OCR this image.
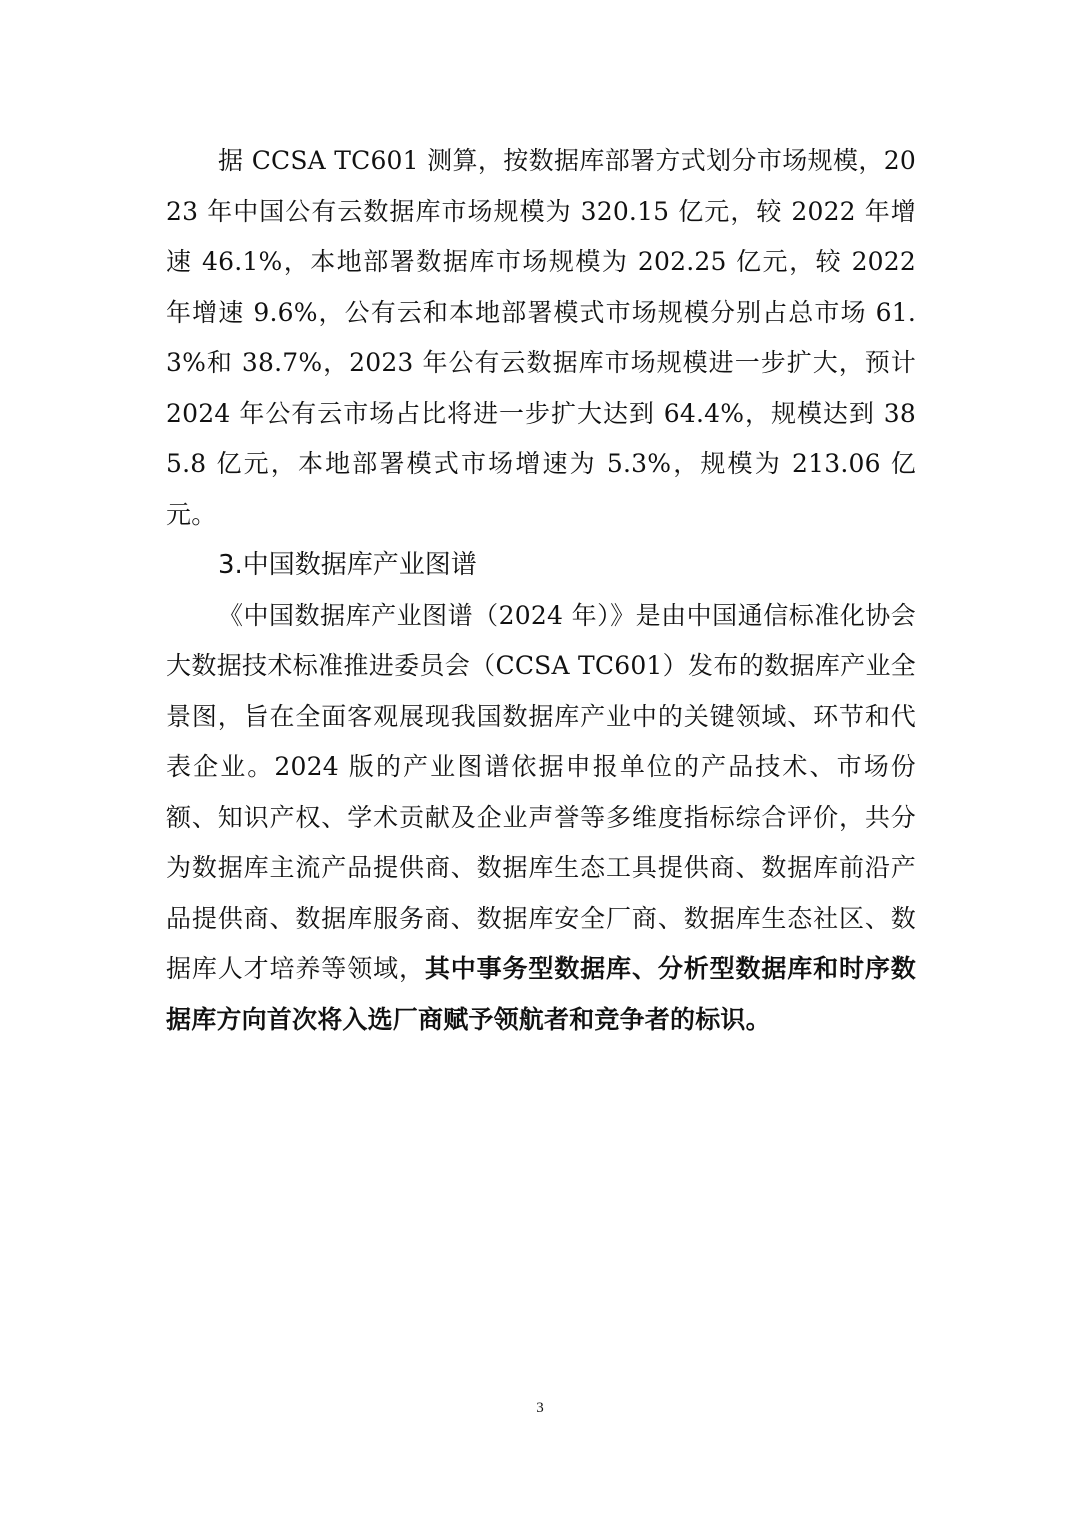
据 CCSA TC601 测算，按数据库部署方式划分市场规模，2023 年中国公有云数据库市场规模为 320.15 亿元，较 2022 年增速 46.1%，本地部署数据库市场规模为 202.25 亿元，较 2022 年增速 9.6%，公有云和本地部署模式市场规模分别占总市场 61.3%和 38.7%，2023 年公有云数据库市场规模进一步扩大，预计 2024 年公有云市场占比将进一步扩大达到 64.4%，规模达到 385.8 亿元，本地部署模式市场增速为 5.3%，规模为 213.06 亿元。

3.中国数据库产业图谱

《中国数据库产业图谱（2024 年）》是由中国通信标准化协会大数据技术标准推进委员会（CCSA TC601）发布的数据库产业全景图，旨在全面客观展现我国数据库产业中的关键领域、环节和代表企业。2024 版的产业图谱依据申报单位的产品技术、市场份额、知识产权、学术贡献及企业声誉等多维度指标综合评价，共分为数据库主流产品提供商、数据库生态工具提供商、数据库前沿产品提供商、数据库服务商、数据库安全厂商、数据库生态社区、数据库人才培养等领域，其中事务型数据库、分析型数据库和时序数据库方向首次将入选厂商赋予领航者和竞争者的标识。

3
